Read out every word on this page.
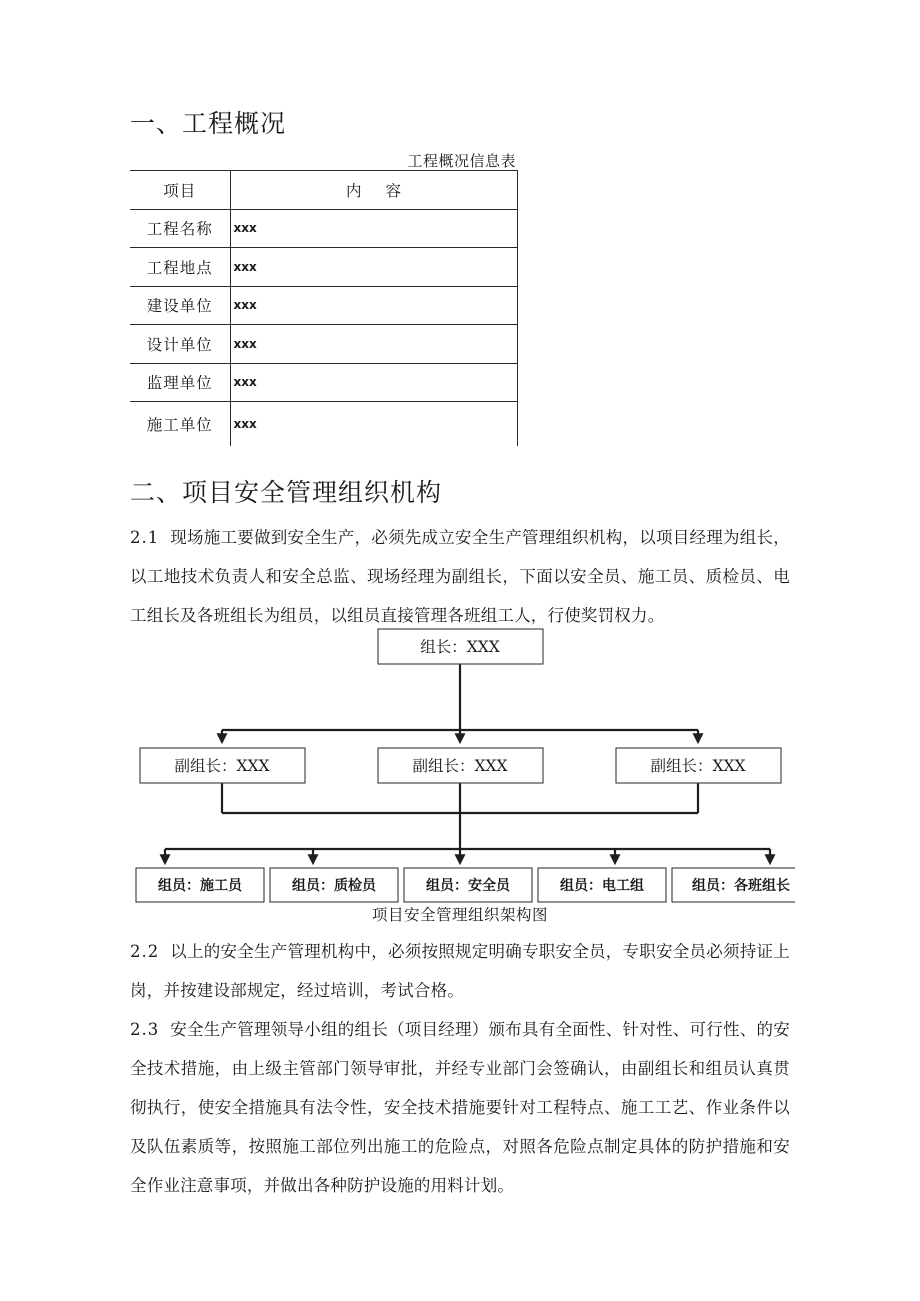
一、工程概况
工程概况信息表
项目	内容
工程名称	xxx
工程地点	xxx
建设单位	xxx
设计单位	xxx
监理单位	xxx
施工单位	xxx
二、项目安全管理组织机构
2.1 现场施工要做到安全生产，必须先成立安全生产管理组织机构，以项目经理为组长，以工地技术负责人和安全总监、现场经理为副组长，下面以安全员、施工员、质检员、电工组长及各班组长为组员，以组员直接管理各班组工人，行使奖罚权力。
组长：XXX
副组长：XXX	副组长：XXX	副组长：XXX
组员：施工员	组员：质检员	组员：安全员	组员：电工组	组员：各班组长
项目安全管理组织架构图
2.2 以上的安全生产管理机构中，必须按照规定明确专职安全员，专职安全员必须持证上岗，并按建设部规定，经过培训，考试合格。
2.3 安全生产管理领导小组的组长（项目经理）颁布具有全面性、针对性、可行性、的安全技术措施，由上级主管部门领导审批，并经专业部门会签确认，由副组长和组员认真贯彻执行，使安全措施具有法令性，安全技术措施要针对工程特点、施工工艺、作业条件以及队伍素质等，按照施工部位列出施工的危险点，对照各危险点制定具体的防护措施和安全作业注意事项，并做出各种防护设施的用料计划。
